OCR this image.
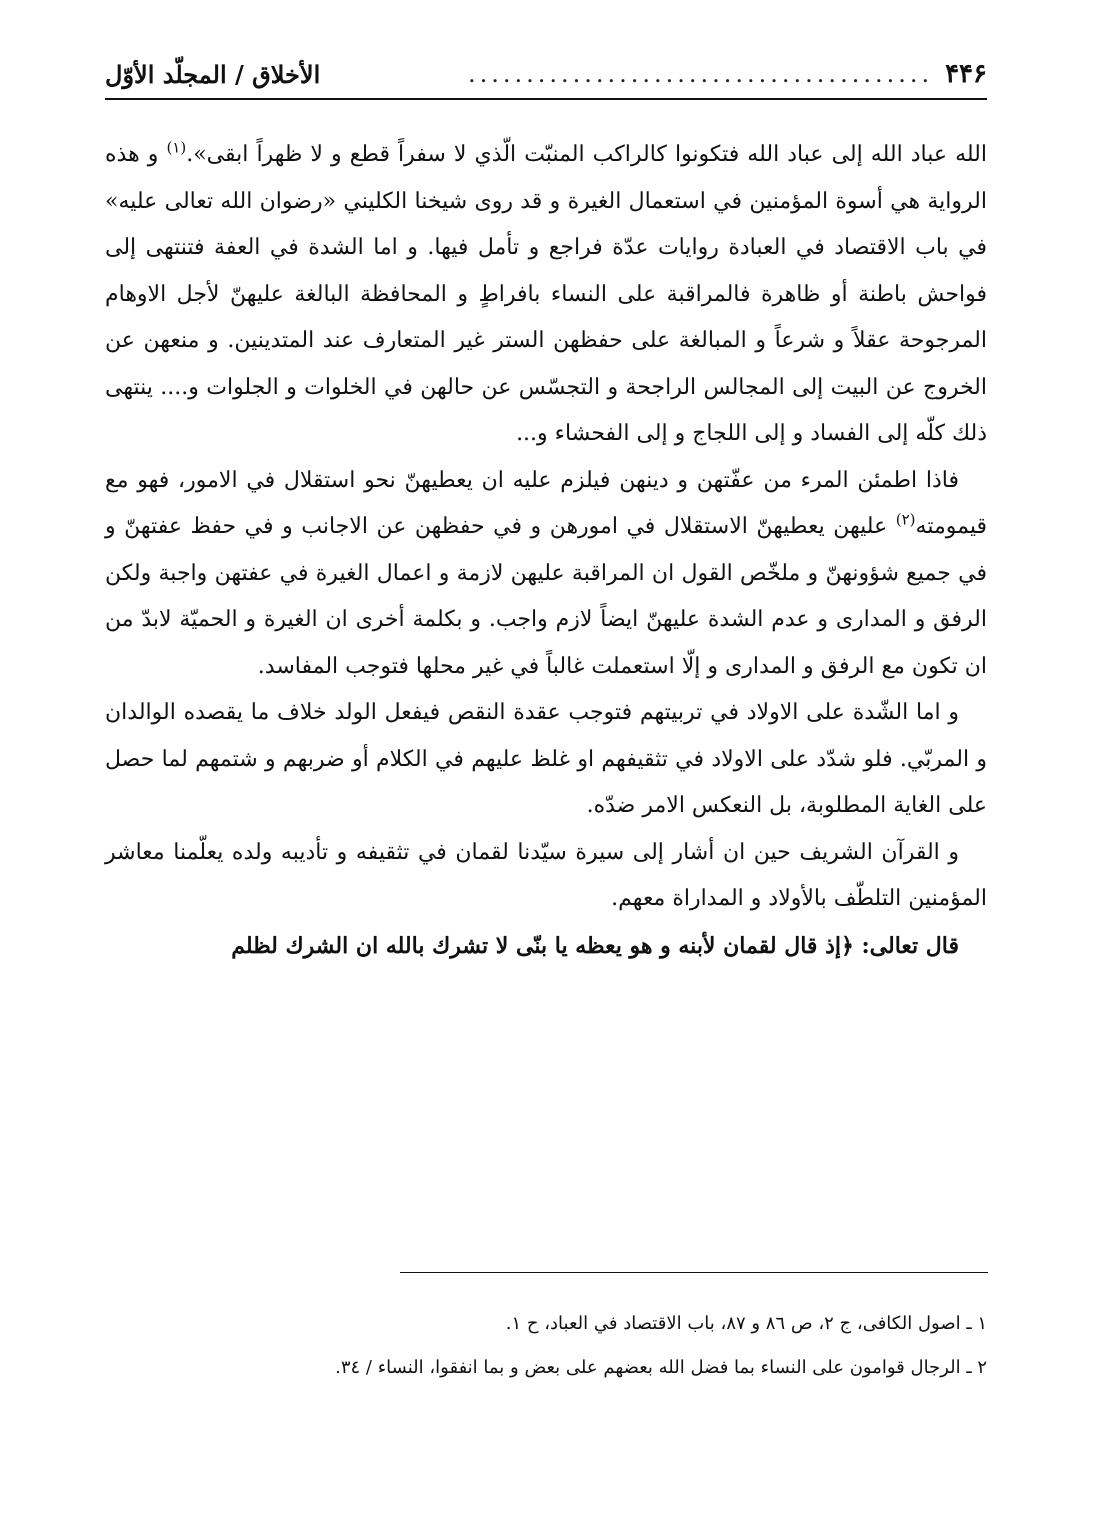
۴۴۶
........................................
الأخلاق / المجلّد الأوّل

الله عباد الله إلى عباد الله فتكونوا كالراكب المنبّت الّذي لا سفراً قطع و لا ظهراً ابقى».$^{(١)}$ و هذه الرواية هي أسوة المؤمنين في استعمال الغيرة و قد روى شيخنا الكليني «رضوان الله تعالى عليه» في باب الاقتصاد في العبادة روايات عدّة فراجع و تأمل فيها. و اما الشدة في العفة فتنتهى إلى فواحش باطنة أو ظاهرة فالمراقبة على النساء بافراطٍ و المحافظة البالغة عليهنّ لأجل الاوهام المرجوحة عقلاً و شرعاً و المبالغة على حفظهن الستر غير المتعارف عند المتدينين. و منعهن عن الخروج عن البيت إلى المجالس الراجحة و التجسّس عن حالهن في الخلوات و الجلوات و.... ينتهى ذلك كلّه إلى الفساد و إلى اللجاج و إلى الفحشاء و...

فاذا اطمئن المرء من عفّتهن و دينهن فيلزم عليه ان يعطيهنّ نحو استقلال في الامور، فهو مع قيمومته$^{(٢)}$ عليهن يعطيهنّ الاستقلال في امورهن و في حفظهن عن الاجانب و في حفظ عفتهنّ و في جميع شؤونهنّ و ملخّص القول ان المراقبة عليهن لازمة و اعمال الغيرة في عفتهن واجبة ولكن الرفق و المدارى و عدم الشدة عليهنّ ايضاً لازم واجب. و بكلمة أخرى ان الغيرة و الحميّة لابدّ من ان تكون مع الرفق و المدارى و إلّا استعملت غالباً في غير محلها فتوجب المفاسد.

و اما الشّدة على الاولاد في تربيتهم فتوجب عقدة النقص فيفعل الولد خلاف ما يقصده الوالدان و المربّي. فلو شدّد على الاولاد في تثقيفهم او غلظ عليهم في الكلام أو ضربهم و شتمهم لما حصل على الغاية المطلوبة، بل النعكس الامر ضدّه.

و القرآن الشريف حين ان أشار إلى سيرة سيّدنا لقمان في تثقيفه و تأديبه ولده يعلّمنا معاشر المؤمنين التلطّف بالأولاد و المداراة معهم.

قال تعالى: ﴿إذ قال لقمان لأبنه و هو يعظه يا بنّى لا تشرك بالله ان الشرك لظلم

١ ـ اصول الكافى، ج ٢، ص ٨٦ و ٨٧، باب الاقتصاد في العباد، ح ١.

٢ ـ الرجال قوامون على النساء بما فضل الله بعضهم على بعض و بما انفقوا، النساء / ٣٤.
